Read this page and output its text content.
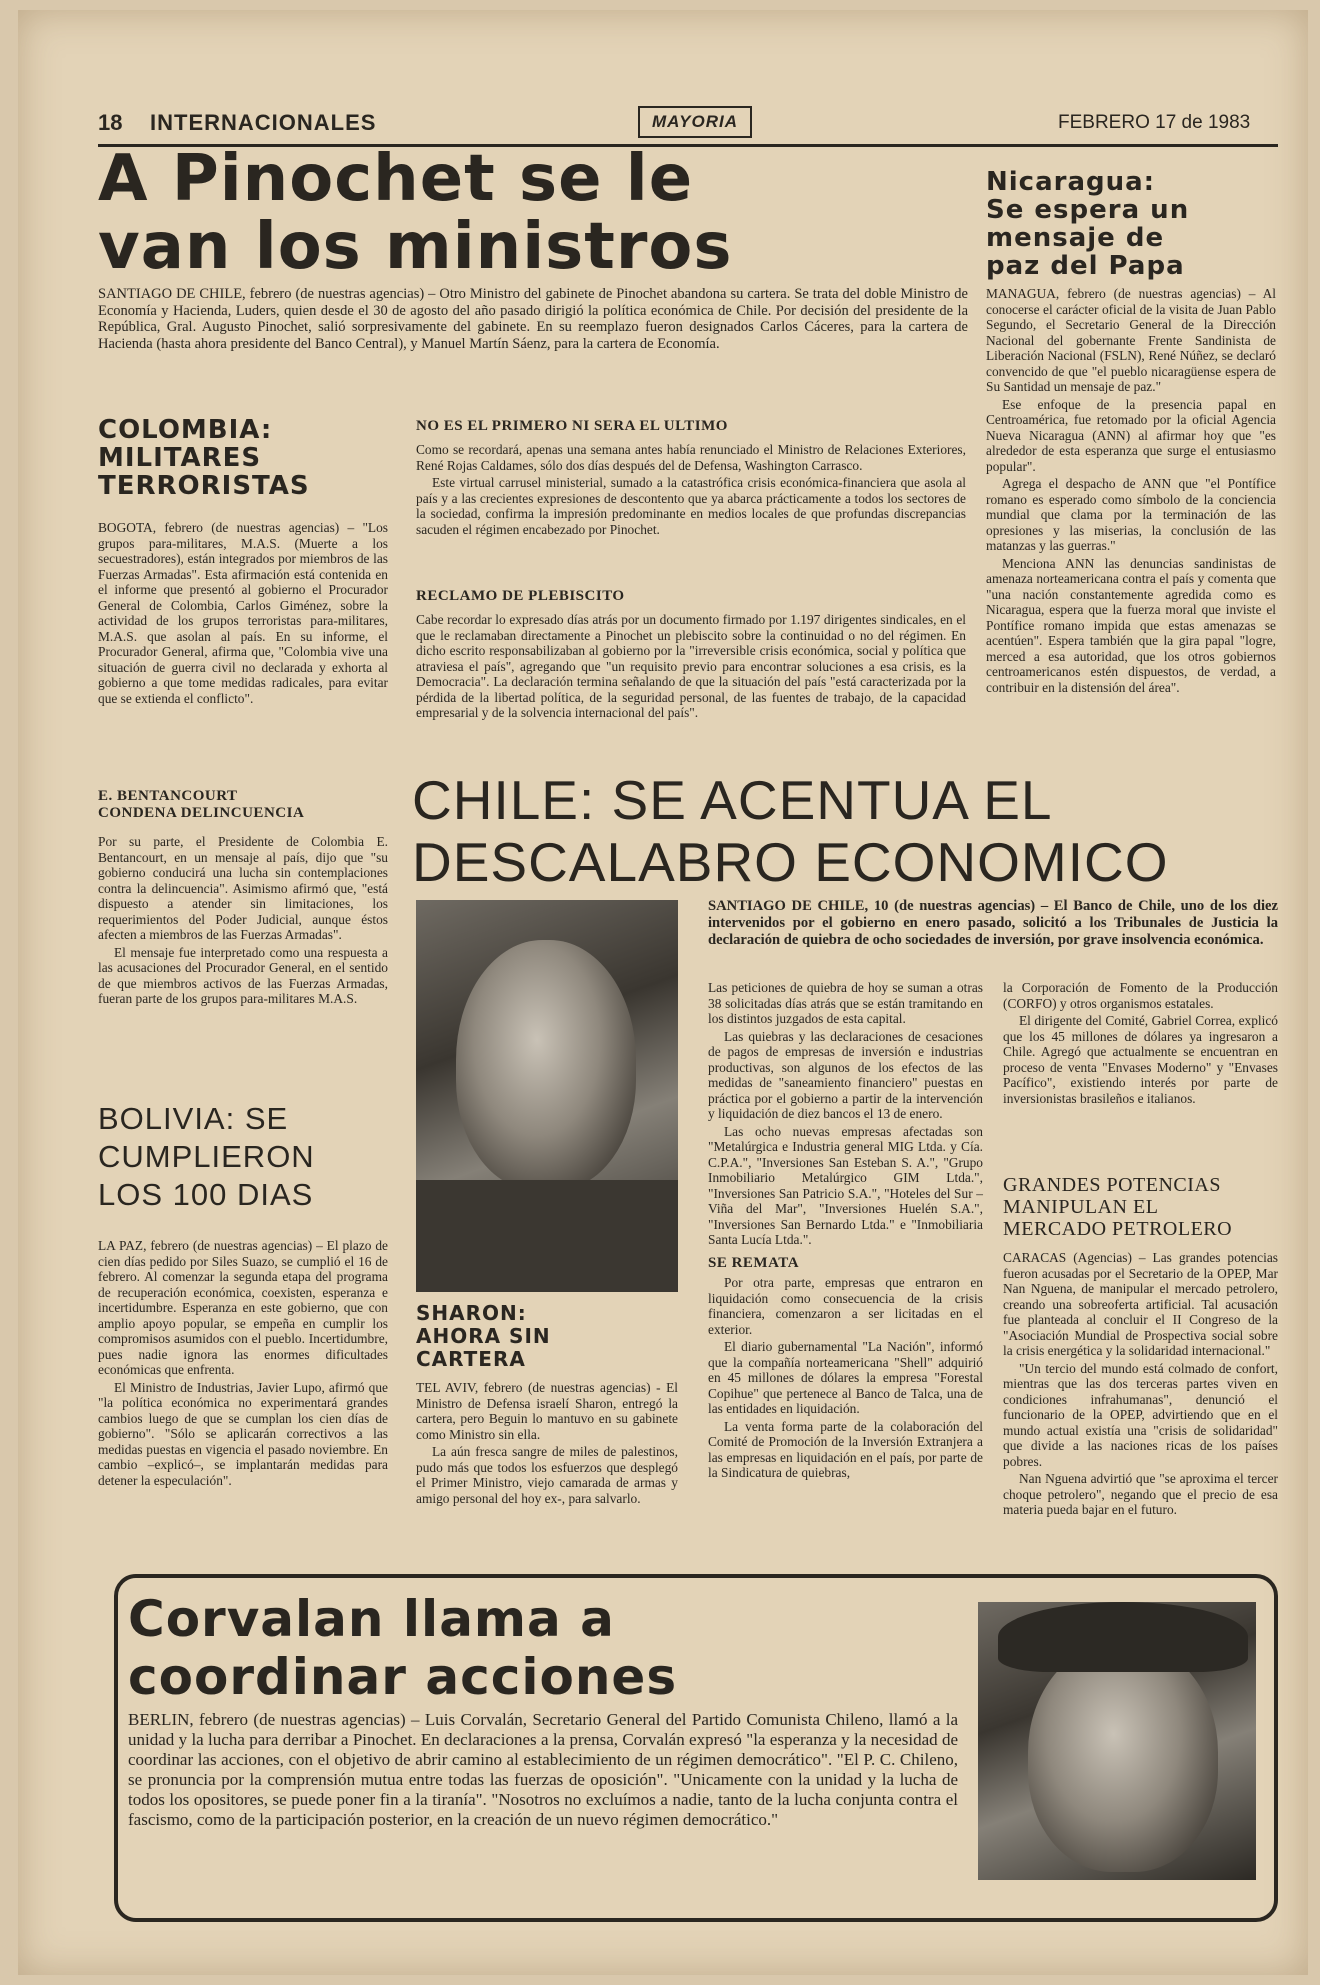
18 INTERNACIONALES	MAYORIA	FEBRERO 17 de 1983
A Pinochet se le
van los ministros

SANTIAGO DE CHILE, febrero (de nuestras agencias) – Otro Ministro del gabinete de Pinochet abandona su cartera. Se trata del doble Ministro de Economía y Hacienda, Luders, quien desde el 30 de agosto del año pasado dirigió la política económica de Chile. Por decisión del presidente de la República, Gral. Augusto Pinochet, salió sorpresivamente del gabinete. En su reemplazo fueron designados Carlos Cáceres, para la cartera de Hacienda (hasta ahora presidente del Banco Central), y Manuel Martín Sáenz, para la cartera de Economía.

Nicaragua:
Se espera un
mensaje de
paz del Papa

MANAGUA, febrero (de nuestras agencias) – Al conocerse el carácter oficial de la visita de Juan Pablo Segundo, el Secretario General de la Dirección Nacional del gobernante Frente Sandinista de Liberación Nacional (FSLN), René Núñez, se declaró convencido de que "el pueblo nicaragüense espera de Su Santidad un mensaje de paz."

Ese enfoque de la presencia papal en Centroamérica, fue retomado por la oficial Agencia Nueva Nicaragua (ANN) al afirmar hoy que "es alrededor de esta esperanza que surge el entusiasmo popular".

Agrega el despacho de ANN que "el Pontífice romano es esperado como símbolo de la conciencia mundial que clama por la terminación de las opresiones y las miserias, la conclusión de las matanzas y las guerras."

Menciona ANN las denuncias sandinistas de amenaza norteamericana contra el país y comenta que "una nación constantemente agredida como es Nicaragua, espera que la fuerza moral que inviste el Pontífice romano impida que estas amenazas se acentúen". Espera también que la gira papal "logre, merced a esa autoridad, que los otros gobiernos centroamericanos estén dispuestos, de verdad, a contribuir en la distensión del área".

COLOMBIA:
MILITARES
TERRORISTAS

BOGOTA, febrero (de nuestras agencias) – "Los grupos para-militares, M.A.S. (Muerte a los secuestradores), están integrados por miembros de las Fuerzas Armadas". Esta afirmación está contenida en el informe que presentó al gobierno el Procurador General de Colombia, Carlos Giménez, sobre la actividad de los grupos terroristas para-militares, M.A.S. que asolan al país. En su informe, el Procurador General, afirma que, "Colombia vive una situación de guerra civil no declarada y exhorta al gobierno a que tome medidas radicales, para evitar que se extienda el conflicto".

E. BENTANCOURT
CONDENA DELINCUENCIA

Por su parte, el Presidente de Colombia E. Bentancourt, en un mensaje al país, dijo que "su gobierno conducirá una lucha sin contemplaciones contra la delincuencia". Asimismo afirmó que, "está dispuesto a atender sin limitaciones, los requerimientos del Poder Judicial, aunque éstos afecten a miembros de las Fuerzas Armadas".

El mensaje fue interpretado como una respuesta a las acusaciones del Procurador General, en el sentido de que miembros activos de las Fuerzas Armadas, fueran parte de los grupos para-militares M.A.S.

NO ES EL PRIMERO NI SERA EL ULTIMO

Como se recordará, apenas una semana antes había renunciado el Ministro de Relaciones Exteriores, René Rojas Caldames, sólo dos días después del de Defensa, Washington Carrasco.

Este virtual carrusel ministerial, sumado a la catastrófica crisis económica-financiera que asola al país y a las crecientes expresiones de descontento que ya abarca prácticamente a todos los sectores de la sociedad, confirma la impresión predominante en medios locales de que profundas discrepancias sacuden el régimen encabezado por Pinochet.

RECLAMO DE PLEBISCITO

Cabe recordar lo expresado días atrás por un documento firmado por 1.197 dirigentes sindicales, en el que le reclamaban directamente a Pinochet un plebiscito sobre la continuidad o no del régimen. En dicho escrito responsabilizaban al gobierno por la "irreversible crisis económica, social y política que atraviesa el país", agregando que "un requisito previo para encontrar soluciones a esa crisis, es la Democracia". La declaración termina señalando de que la situación del país "está caracterizada por la pérdida de la libertad política, de la seguridad personal, de las fuentes de trabajo, de la capacidad empresarial y de la solvencia internacional del país".

CHILE: SE ACENTUA EL
DESCALABRO ECONOMICO
BOLIVIA: SE
CUMPLIERON
LOS 100 DIAS

LA PAZ, febrero (de nuestras agencias) – El plazo de cien días pedido por Siles Suazo, se cumplió el 16 de febrero. Al comenzar la segunda etapa del programa de recuperación económica, coexisten, esperanza e incertidumbre. Esperanza en este gobierno, que con amplio apoyo popular, se empeña en cumplir los compromisos asumidos con el pueblo. Incertidumbre, pues nadie ignora las enormes dificultades económicas que enfrenta.

El Ministro de Industrias, Javier Lupo, afirmó que "la política económica no experimentará grandes cambios luego de que se cumplan los cien días de gobierno". "Sólo se aplicarán correctivos a las medidas puestas en vigencia el pasado noviembre. En cambio –explicó–, se implantarán medidas para detener la especulación".

SHARON:
AHORA SIN
CARTERA

TEL AVIV, febrero (de nuestras agencias) - El Ministro de Defensa israelí Sharon, entregó la cartera, pero Beguin lo mantuvo en su gabinete como Ministro sin ella.

La aún fresca sangre de miles de palestinos, pudo más que todos los esfuerzos que desplegó el Primer Ministro, viejo camarada de armas y amigo personal del hoy ex-, para salvarlo.

SANTIAGO DE CHILE, 10 (de nuestras agencias) – El Banco de Chile, uno de los diez intervenidos por el gobierno en enero pasado, solicitó a los Tribunales de Justicia la declaración de quiebra de ocho sociedades de inversión, por grave insolvencia económica.

Las peticiones de quiebra de hoy se suman a otras 38 solicitadas días atrás que se están tramitando en los distintos juzgados de esta capital.

Las quiebras y las declaraciones de cesaciones de pagos de empresas de inversión e industrias productivas, son algunos de los efectos de las medidas de "saneamiento financiero" puestas en práctica por el gobierno a partir de la intervención y liquidación de diez bancos el 13 de enero.

Las ocho nuevas empresas afectadas son "Metalúrgica e Industria general MIG Ltda. y Cía. C.P.A.", "Inversiones San Esteban S. A.", "Grupo Inmobiliario Metalúrgico GIM Ltda.", "Inversiones San Patricio S.A.", "Hoteles del Sur – Viña del Mar", "Inversiones Huelén S.A.", "Inversiones San Bernardo Ltda." e "Inmobiliaria Santa Lucía Ltda.".

SE REMATA

Por otra parte, empresas que entraron en liquidación como consecuencia de la crisis financiera, comenzaron a ser licitadas en el exterior.

El diario gubernamental "La Nación", informó que la compañía norteamericana "Shell" adquirió en 45 millones de dólares la empresa "Forestal Copihue" que pertenece al Banco de Talca, una de las entidades en liquidación.

La venta forma parte de la colaboración del Comité de Promoción de la Inversión Extranjera a las empresas en liquidación en el país, por parte de la Sindicatura de quiebras,

la Corporación de Fomento de la Producción (CORFO) y otros organismos estatales.

El dirigente del Comité, Gabriel Correa, explicó que los 45 millones de dólares ya ingresaron a Chile. Agregó que actualmente se encuentran en proceso de venta "Envases Moderno" y "Envases Pacífico", existiendo interés por parte de inversionistas brasileños e italianos.

GRANDES POTENCIAS
MANIPULAN EL
MERCADO PETROLERO

CARACAS (Agencias) – Las grandes potencias fueron acusadas por el Secretario de la OPEP, Mar Nan Nguena, de manipular el mercado petrolero, creando una sobreoferta artificial. Tal acusación fue planteada al concluir el II Congreso de la "Asociación Mundial de Prospectiva social sobre la crisis energética y la solidaridad internacional."

"Un tercio del mundo está colmado de confort, mientras que las dos terceras partes viven en condiciones infrahumanas", denunció el funcionario de la OPEP, advirtiendo que en el mundo actual existía una "crisis de solidaridad" que divide a las naciones ricas de los países pobres.

Nan Nguena advirtió que "se aproxima el tercer choque petrolero", negando que el precio de esa materia pueda bajar en el futuro.

Corvalan llama a
coordinar acciones

BERLIN, febrero (de nuestras agencias) – Luis Corvalán, Secretario General del Partido Comunista Chileno, llamó a la unidad y la lucha para derribar a Pinochet. En declaraciones a la prensa, Corvalán expresó "la esperanza y la necesidad de coordinar las acciones, con el objetivo de abrir camino al establecimiento de un régimen democrático". "El P. C. Chileno, se pronuncia por la comprensión mutua entre todas las fuerzas de oposición". "Unicamente con la unidad y la lucha de todos los opositores, se puede poner fin a la tiranía". "Nosotros no excluímos a nadie, tanto de la lucha conjunta contra el fascismo, como de la participación posterior, en la creación de un nuevo régimen democrático."
